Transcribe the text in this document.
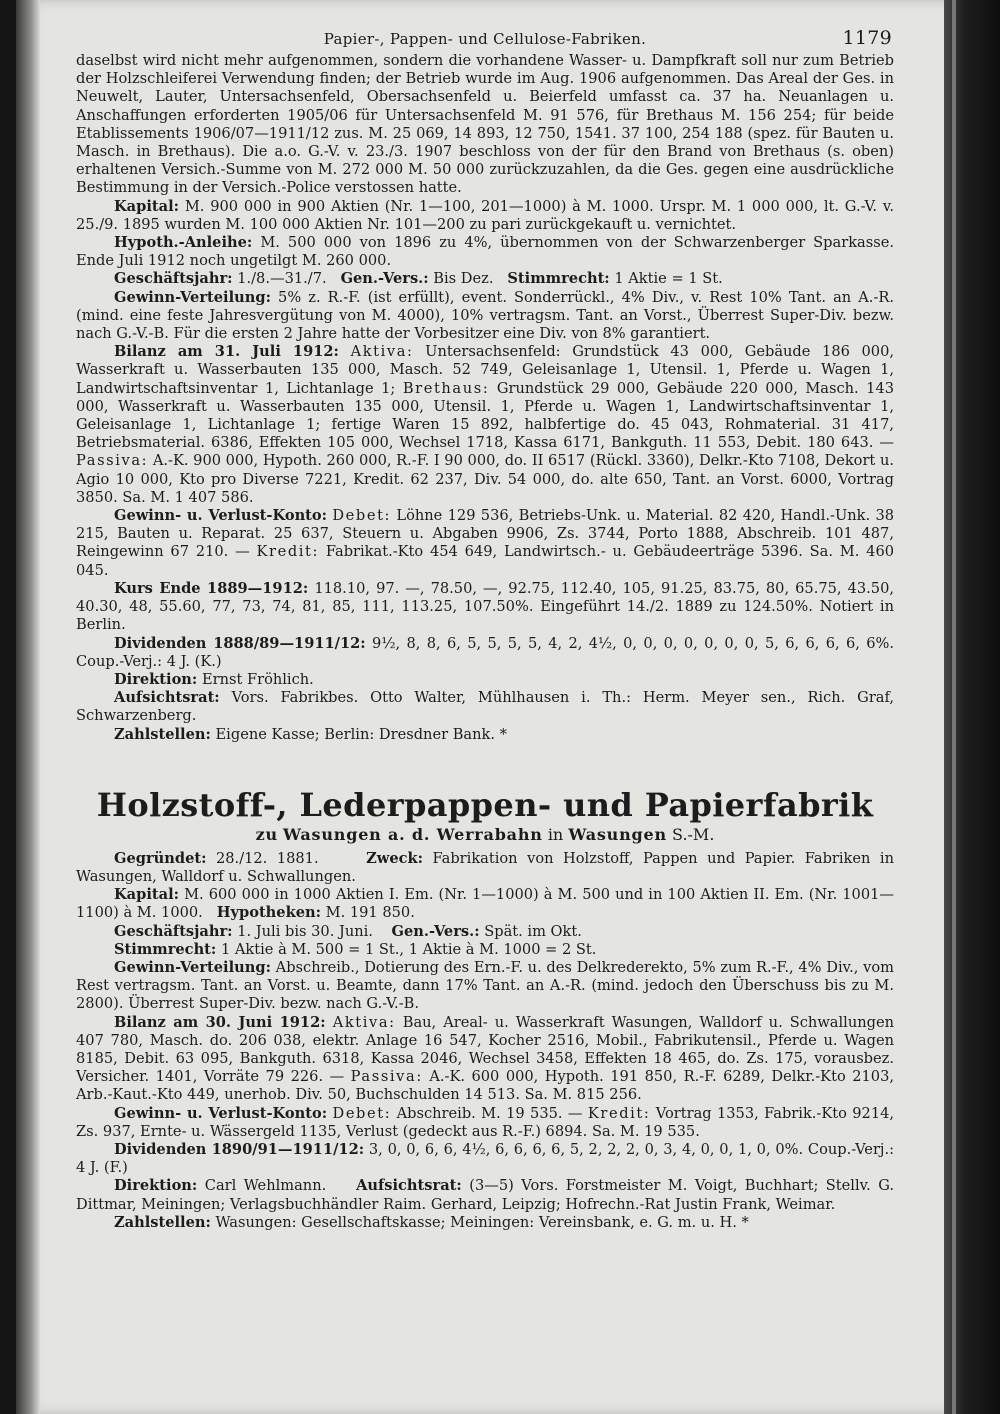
Papier-, Pappen- und Cellulose-Fabriken.	1179

daselbst wird nicht mehr aufgenommen, sondern die vorhandene Wasser- u. Dampfkraft soll nur zum Betrieb der Holzschleiferei Verwendung finden; der Betrieb wurde im Aug. 1906 aufgenommen. Das Areal der Ges. in Neuwelt, Lauter, Untersachsenfeld, Obersachsenfeld u. Beierfeld umfasst ca. 37 ha. Neuanlagen u. Anschaffungen erforderten 1905/06 für Untersachsenfeld M. 91 576, für Brethaus M. 156 254; für beide Etablissements 1906/07—1911/12 zus. M. 25 069, 14 893, 12 750, 1541. 37 100, 254 188 (spez. für Bauten u. Masch. in Brethaus). Die a.o. G.-V. v. 23./3. 1907 beschloss von der für den Brand von Brethaus (s. oben) erhaltenen Versich.-Summe von M. 272 000 M. 50 000 zurückzuzahlen, da die Ges. gegen eine ausdrückliche Bestimmung in der Versich.-Police verstossen hatte.

Kapital: M. 900 000 in 900 Aktien (Nr. 1—100, 201—1000) à M. 1000. Urspr. M. 1 000 000, lt. G.-V. v. 25./9. 1895 wurden M. 100 000 Aktien Nr. 101—200 zu pari zurückgekauft u. vernichtet.

Hypoth.-Anleihe: M. 500 000 von 1896 zu 4%, übernommen von der Schwarzenberger Sparkasse. Ende Juli 1912 noch ungetilgt M. 260 000.

Geschäftsjahr: 1./8.—31./7. Gen.-Vers.: Bis Dez. Stimmrecht: 1 Aktie = 1 St.

Gewinn-Verteilung: 5% z. R.-F. (ist erfüllt), event. Sonderrückl., 4% Div., v. Rest 10% Tant. an A.-R. (mind. eine feste Jahresvergütung von M. 4000), 10% vertragsm. Tant. an Vorst., Überrest Super-Div. bezw. nach G.-V.-B. Für die ersten 2 Jahre hatte der Vorbesitzer eine Div. von 8% garantiert.

Bilanz am 31. Juli 1912: Aktiva: Untersachsenfeld: Grundstück 43 000, Gebäude 186 000, Wasserkraft u. Wasserbauten 135 000, Masch. 52 749, Geleisanlage 1, Utensil. 1, Pferde u. Wagen 1, Landwirtschaftsinventar 1, Lichtanlage 1; Brethaus: Grundstück 29 000, Gebäude 220 000, Masch. 143 000, Wasserkraft u. Wasserbauten 135 000, Utensil. 1, Pferde u. Wagen 1, Landwirtschaftsinventar 1, Geleisanlage 1, Lichtanlage 1; fertige Waren 15 892, halbfertige do. 45 043, Rohmaterial. 31 417, Betriebsmaterial. 6386, Effekten 105 000, Wechsel 1718, Kassa 6171, Bankguth. 11 553, Debit. 180 643. — Passiva: A.-K. 900 000, Hypoth. 260 000, R.-F. I 90 000, do. II 6517 (Rückl. 3360), Delkr.-Kto 7108, Dekort u. Agio 10 000, Kto pro Diverse 7221, Kredit. 62 237, Div. 54 000, do. alte 650, Tant. an Vorst. 6000, Vortrag 3850. Sa. M. 1 407 586.

Gewinn- u. Verlust-Konto: Debet: Löhne 129 536, Betriebs-Unk. u. Material. 82 420, Handl.-Unk. 38 215, Bauten u. Reparat. 25 637, Steuern u. Abgaben 9906, Zs. 3744, Porto 1888, Abschreib. 101 487, Reingewinn 67 210. — Kredit: Fabrikat.-Kto 454 649, Landwirtsch.- u. Gebäudeerträge 5396. Sa. M. 460 045.

Kurs Ende 1889—1912: 118.10, 97. —, 78.50, —, 92.75, 112.40, 105, 91.25, 83.75, 80, 65.75, 43.50, 40.30, 48, 55.60, 77, 73, 74, 81, 85, 111, 113.25, 107.50%. Eingeführt 14./2. 1889 zu 124.50%. Notiert in Berlin.

Dividenden 1888/89—1911/12: 9½, 8, 8, 6, 5, 5, 5, 5, 4, 2, 4½, 0, 0, 0, 0, 0, 0, 0, 5, 6, 6, 6, 6, 6%. Coup.-Verj.: 4 J. (K.)

Direktion: Ernst Fröhlich.

Aufsichtsrat: Vors. Fabrikbes. Otto Walter, Mühlhausen i. Th.: Herm. Meyer sen., Rich. Graf, Schwarzenberg.

Zahlstellen: Eigene Kasse; Berlin: Dresdner Bank. *

Holzstoff-, Lederpappen- und Papierfabrik
zu Wasungen a. d. Werrabahn in Wasungen S.-M.

Gegründet: 28./12. 1881.	Zweck: Fabrikation von Holzstoff, Pappen und Papier. Fabriken in Wasungen, Walldorf u. Schwallungen.

Kapital: M. 600 000 in 1000 Aktien I. Em. (Nr. 1—1000) à M. 500 und in 100 Aktien II. Em. (Nr. 1001—1100) à M. 1000. Hypotheken: M. 191 850.

Geschäftsjahr: 1. Juli bis 30. Juni. Gen.-Vers.: Spät. im Okt.

Stimmrecht: 1 Aktie à M. 500 = 1 St., 1 Aktie à M. 1000 = 2 St.

Gewinn-Verteilung: Abschreib., Dotierung des Ern.-F. u. des Delkrederekto, 5% zum R.-F., 4% Div., vom Rest vertragsm. Tant. an Vorst. u. Beamte, dann 17% Tant. an A.-R. (mind. jedoch den Überschuss bis zu M. 2800). Überrest Super-Div. bezw. nach G.-V.-B.

Bilanz am 30. Juni 1912: Aktiva: Bau, Areal- u. Wasserkraft Wasungen, Walldorf u. Schwallungen 407 780, Masch. do. 206 038, elektr. Anlage 16 547, Kocher 2516, Mobil., Fabrikutensil., Pferde u. Wagen 8185, Debit. 63 095, Bankguth. 6318, Kassa 2046, Wechsel 3458, Effekten 18 465, do. Zs. 175, vorausbez. Versicher. 1401, Vorräte 79 226. — Passiva: A.-K. 600 000, Hypoth. 191 850, R.-F. 6289, Delkr.-Kto 2103, Arb.-Kaut.-Kto 449, unerhob. Div. 50, Buchschulden 14 513. Sa. M. 815 256.

Gewinn- u. Verlust-Konto: Debet: Abschreib. M. 19 535. — Kredit: Vortrag 1353, Fabrik.-Kto 9214, Zs. 937, Ernte- u. Wässergeld 1135, Verlust (gedeckt aus R.-F.) 6894. Sa. M. 19 535.

Dividenden 1890/91—1911/12: 3, 0, 0, 6, 6, 4½, 6, 6, 6, 6, 5, 2, 2, 2, 0, 3, 4, 0, 0, 1, 0, 0%. Coup.-Verj.: 4 J. (F.)

Direktion: Carl Wehlmann. Aufsichtsrat: (3—5) Vors. Forstmeister M. Voigt, Buchhart; Stellv. G. Dittmar, Meiningen; Verlagsbuchhändler Raim. Gerhard, Leipzig; Hofrechn.-Rat Justin Frank, Weimar.

Zahlstellen: Wasungen: Gesellschaftskasse; Meiningen: Vereinsbank, e. G. m. u. H. *
